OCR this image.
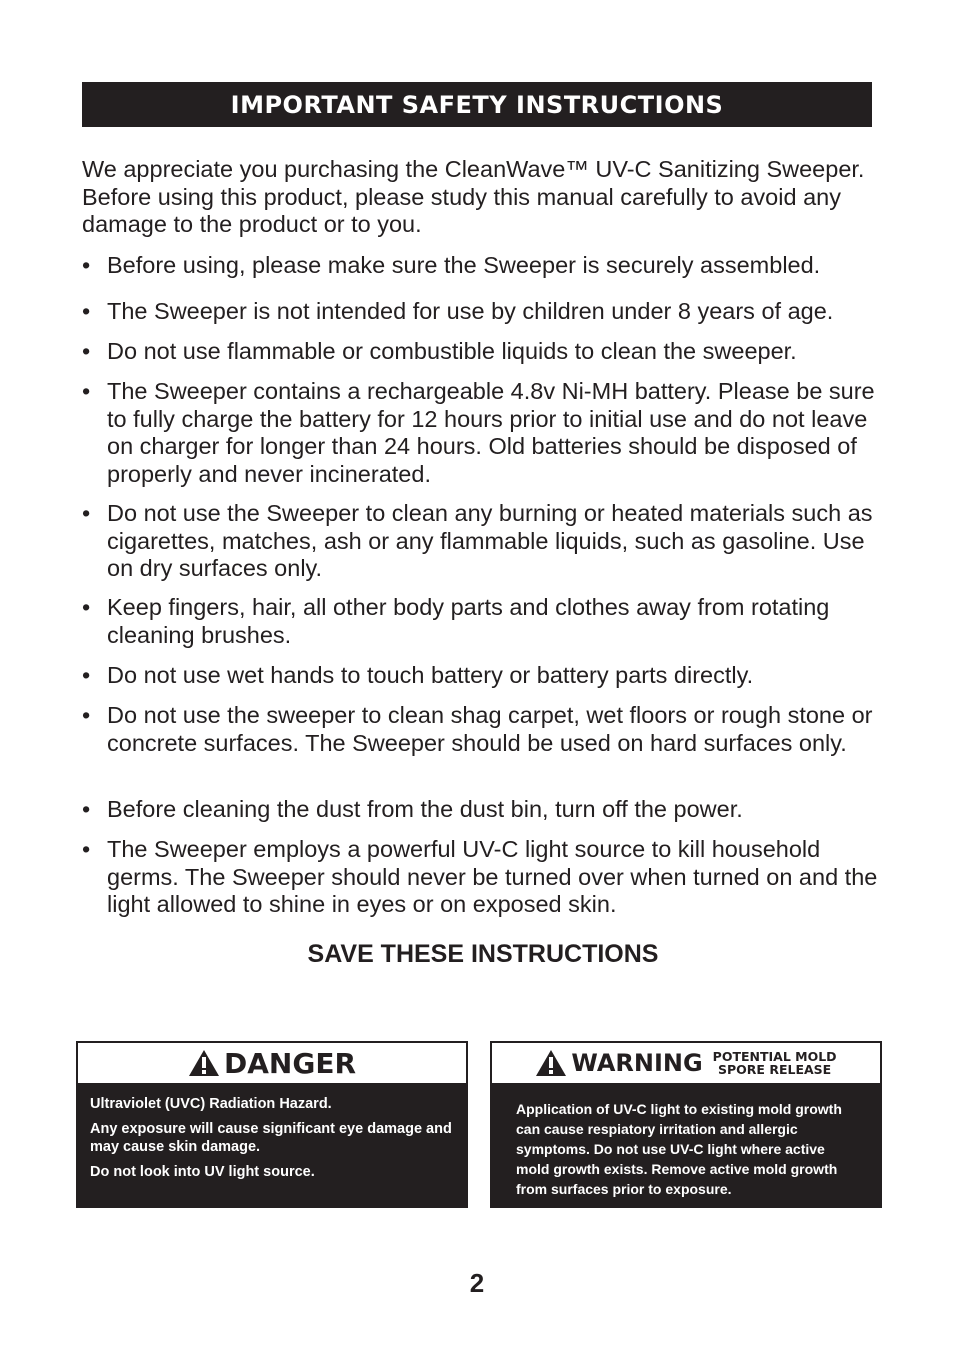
IMPORTANT SAFETY INSTRUCTIONS

We appreciate you purchasing the CleanWave™ UV-C Sanitizing Sweeper. Before using this product, please study this manual carefully to avoid any damage to the product or to you.

• Before using, please make sure the Sweeper is securely assembled.
• The Sweeper is not intended for use by children under 8 years of age.
• Do not use flammable or combustible liquids to clean the sweeper.
• The Sweeper contains a rechargeable 4.8v Ni-MH battery. Please be sure to fully charge the battery for 12 hours prior to initial use and do not leave on charger for longer than 24 hours. Old batteries should be disposed of properly and never incinerated.
• Do not use the Sweeper to clean any burning or heated materials such as cigarettes, matches, ash or any flammable liquids, such as gasoline. Use on dry surfaces only.
• Keep fingers, hair, all other body parts and clothes away from rotating cleaning brushes.
• Do not use wet hands to touch battery or battery parts directly.
• Do not use the sweeper to clean shag carpet, wet floors or rough stone or concrete surfaces. The Sweeper should be used on hard surfaces only.
• Before cleaning the dust from the dust bin, turn off the power.
• The Sweeper employs a powerful UV-C light source to kill household germs. The Sweeper should never be turned over when turned on and the light allowed to shine in eyes or on exposed skin.
SAVE THESE INSTRUCTIONS
DANGER

Ultraviolet (UVC) Radiation Hazard.

Any exposure will cause significant eye damage and may cause skin damage.

Do not look into UV light source.

WARNING POTENTIAL MOLD
SPORE RELEASE
Application of UV-C light to existing mold growth can cause respiatory irritation and allergic symptoms. Do not use UV-C light where active mold growth exists. Remove active mold growth from surfaces prior to exposure.
2
